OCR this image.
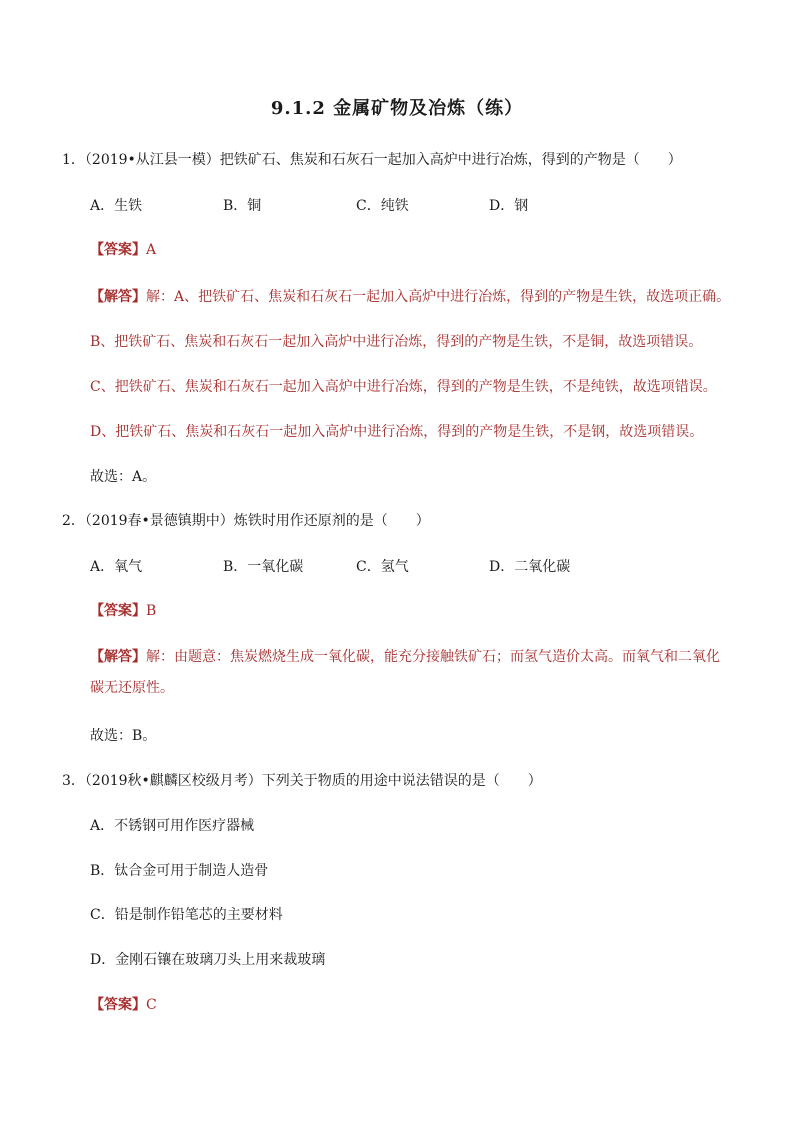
9.1.2 金属矿物及冶炼（练）
1．（2019•从江县一模）把铁矿石、焦炭和石灰石一起加入高炉中进行冶炼，得到的产物是（　　）
A．生铁	B．铜	C．纯铁	D．钢
【答案】A
【解答】解：A、把铁矿石、焦炭和石灰石一起加入高炉中进行冶炼，得到的产物是生铁，故选项正确。
B、把铁矿石、焦炭和石灰石一起加入高炉中进行冶炼，得到的产物是生铁，不是铜，故选项错误。
C、把铁矿石、焦炭和石灰石一起加入高炉中进行冶炼，得到的产物是生铁，不是纯铁，故选项错误。
D、把铁矿石、焦炭和石灰石一起加入高炉中进行冶炼，得到的产物是生铁，不是钢，故选项错误。
故选：A。
2．（2019春•景德镇期中）炼铁时用作还原剂的是（　　）
A．氧气	B．一氧化碳	C．氢气	D．二氧化碳
【答案】B
【解答】解：由题意：焦炭燃烧生成一氧化碳，能充分接触铁矿石；而氢气造价太高。而氧气和二氧化碳无还原性。
故选：B。
3．（2019秋•麒麟区校级月考）下列关于物质的用途中说法错误的是（　　）
A．不锈钢可用作医疗器械
B．钛合金可用于制造人造骨
C．铅是制作铅笔芯的主要材料
D．金刚石镶在玻璃刀头上用来裁玻璃
【答案】C
